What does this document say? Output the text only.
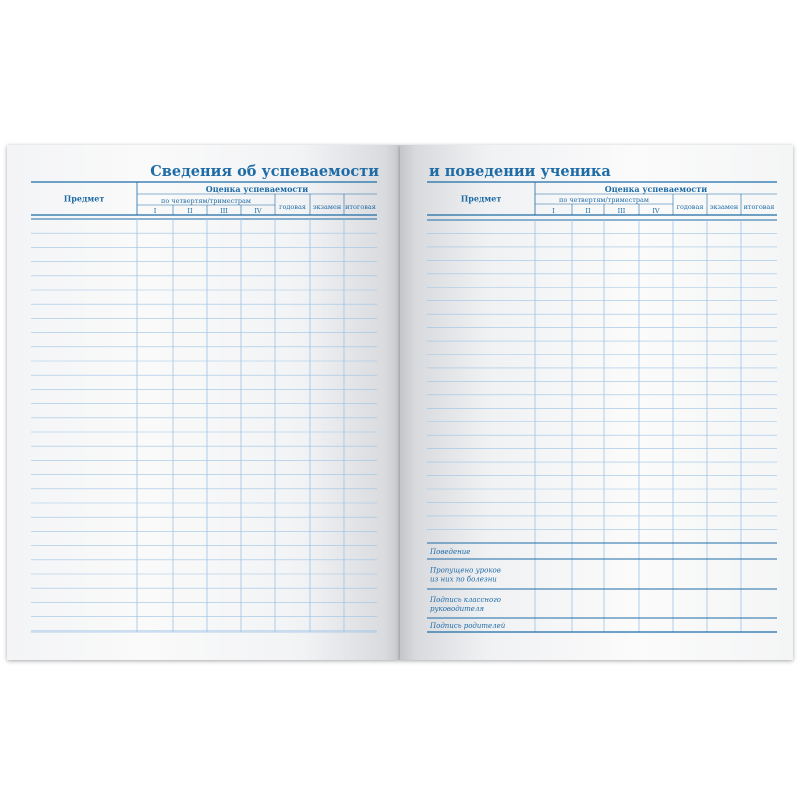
Сведения об успеваемости
Предмет
Оценка успеваемости
по четвертям/триместрам
I	II	III	IV	годовая экзамен итоговая
и поведении ученика
Предмет
Оценка успеваемости
по четвертям/триместрам
I	II	III	IV	годовая экзамен итоговая
Поведение
Пропущено уроков
из них по болезни
Подпись классного
руководителя
Подпись родителей
